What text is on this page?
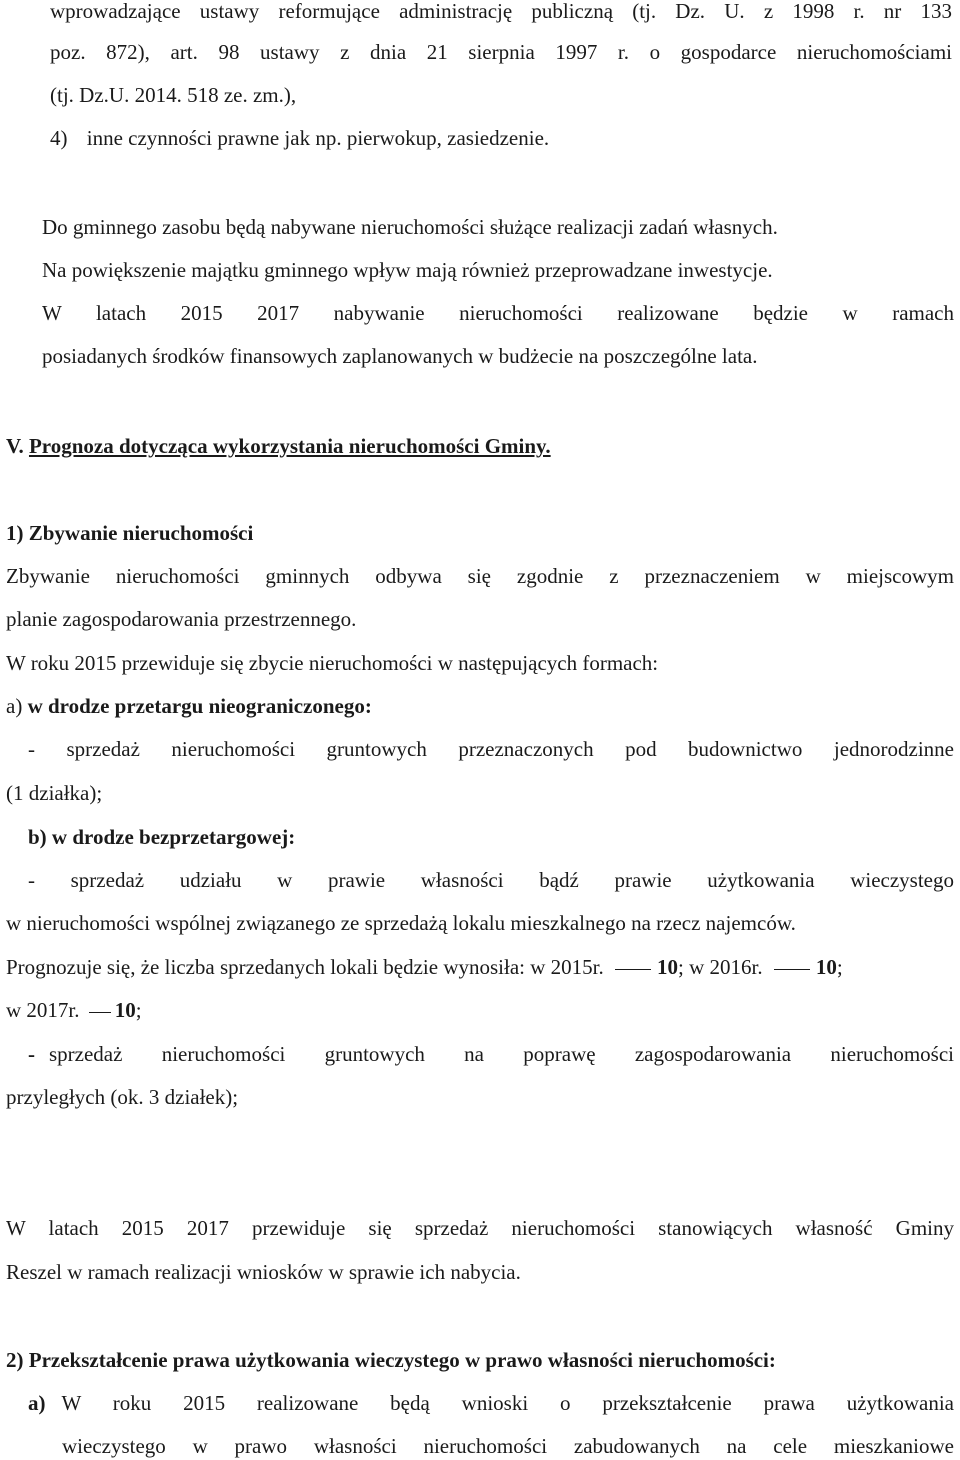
wprowadzające ustawy reformujące administrację publiczną (tj. Dz. U. z 1998 r. nr 133
poz. 872), art. 98 ustawy z dnia 21 sierpnia 1997 r. o gospodarce nieruchomościami
(tj. Dz.U. 2014. 518 ze. zm.),
4) inne czynności prawne jak np. pierwokup, zasiedzenie.
Do gminnego zasobu będą nabywane nieruchomości służące realizacji zadań własnych.
Na powiększenie majątku gminnego wpływ mają również przeprowadzane inwestycje.
W latach 2015 2017 nabywanie nieruchomości realizowane będzie w ramach
posiadanych środków finansowych zaplanowanych w budżecie na poszczególne lata.
V. Prognoza dotycząca wykorzystania nieruchomości Gminy.
1) Zbywanie nieruchomości
Zbywanie nieruchomości gminnych odbywa się zgodnie z przeznaczeniem w miejscowym
planie zagospodarowania przestrzennego.
W roku 2015 przewiduje się zbycie nieruchomości w następujących formach:
a) w drodze przetargu nieograniczonego:
- sprzedaż nieruchomości gruntowych przeznaczonych pod budownictwo jednorodzinne
(1 działka);
b) w drodze bezprzetargowej:
- sprzedaż udziału w prawie własności bądź prawie użytkowania wieczystego
w nieruchomości wspólnej związanego ze sprzedażą lokalu mieszkalnego na rzecz najemców.
Prognozuje się, że liczba sprzedanych lokali będzie wynosiła: w 2015r.	10; w 2016r.	10;
w 2017r. 10;
- sprzedaż nieruchomości gruntowych na poprawę zagospodarowania nieruchomości
przyległych (ok. 3 działek);
W latach 2015 2017 przewiduje się sprzedaż nieruchomości stanowiących własność Gminy
Reszel w ramach realizacji wniosków w sprawie ich nabycia.
2) Przekształcenie prawa użytkowania wieczystego w prawo własności nieruchomości:
a) W roku 2015 realizowane będą wnioski o przekształcenie prawa użytkowania
wieczystego w prawo własności nieruchomości zabudowanych na cele mieszkaniowe
